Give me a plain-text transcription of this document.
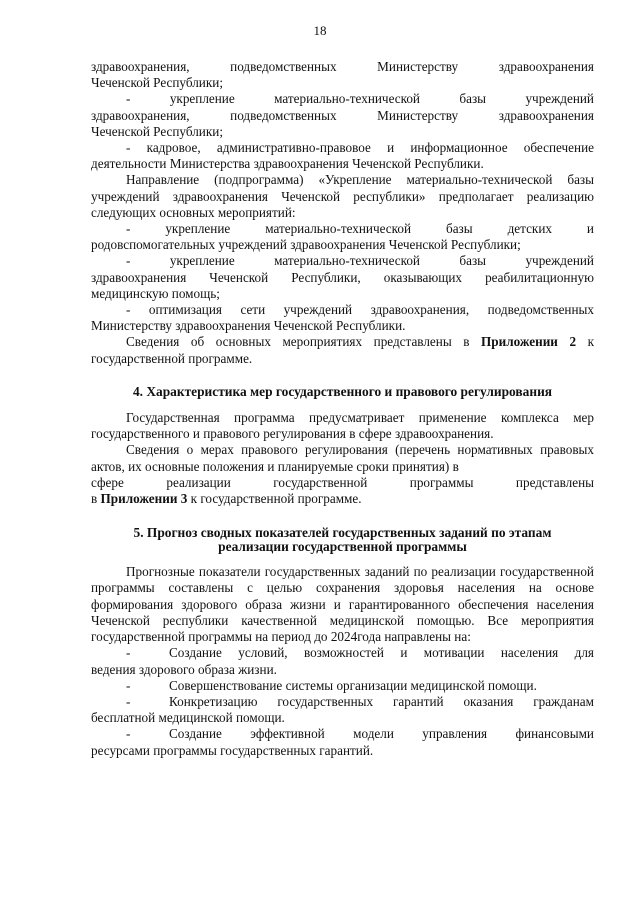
18

здравоохранения, подведомственных Министерству здравоохранения

Чеченской Республики;

- укрепление материально-технической базы учреждений

здравоохранения, подведомственных Министерству здравоохранения

Чеченской Республики;

- кадровое, административно-правовое и информационное обеспечение деятельности Министерства здравоохранения Чеченской Республики.

Направление (подпрограмма) «Укрепление материально-технической базы учреждений здравоохранения Чеченской республики» предполагает реализацию следующих основных мероприятий:

- укрепление материально-технической базы детских и

родовспомогательных учреждений здравоохранения Чеченской Республики;

- укрепление материально-технической базы учреждений

здравоохранения Чеченской Республики, оказывающих реабилитационную медицинскую помощь;

- оптимизация сети учреждений здравоохранения, подведомственных Министерству здравоохранения Чеченской Республики.

Сведения об основных мероприятиях представлены в Приложении 2 к государственной программе.

4. Характеристика мер государственного и правового регулирования

Государственная программа предусматривает применение комплекса мер государственного и правового регулирования в сфере здравоохранения.

Сведения о мерах правового регулирования (перечень нормативных правовых актов, их основные положения и планируемые сроки принятия) в

сфере реализации государственной программы представлены

в Приложении 3 к государственной программе.

5. Прогноз сводных показателей государственных заданий по этапам
реализации государственной программы

Прогнозные показатели государственных заданий по реализации государственной программы составлены с целью сохранения здоровья населения на основе формирования здорового образа жизни и гарантированного обеспечения населения Чеченской республики качественной медицинской помощью. Все мероприятия государственной программы на период до 2024года направлены на:

-	Создание условий, возможностей и мотивации населения для

ведения здорового образа жизни.

-	Совершенствование системы организации медицинской помощи.
-	Конкретизацию государственных гарантий оказания гражданам

бесплатной медицинской помощи.

-	Создание эффективной модели управления финансовыми

ресурсами программы государственных гарантий.
